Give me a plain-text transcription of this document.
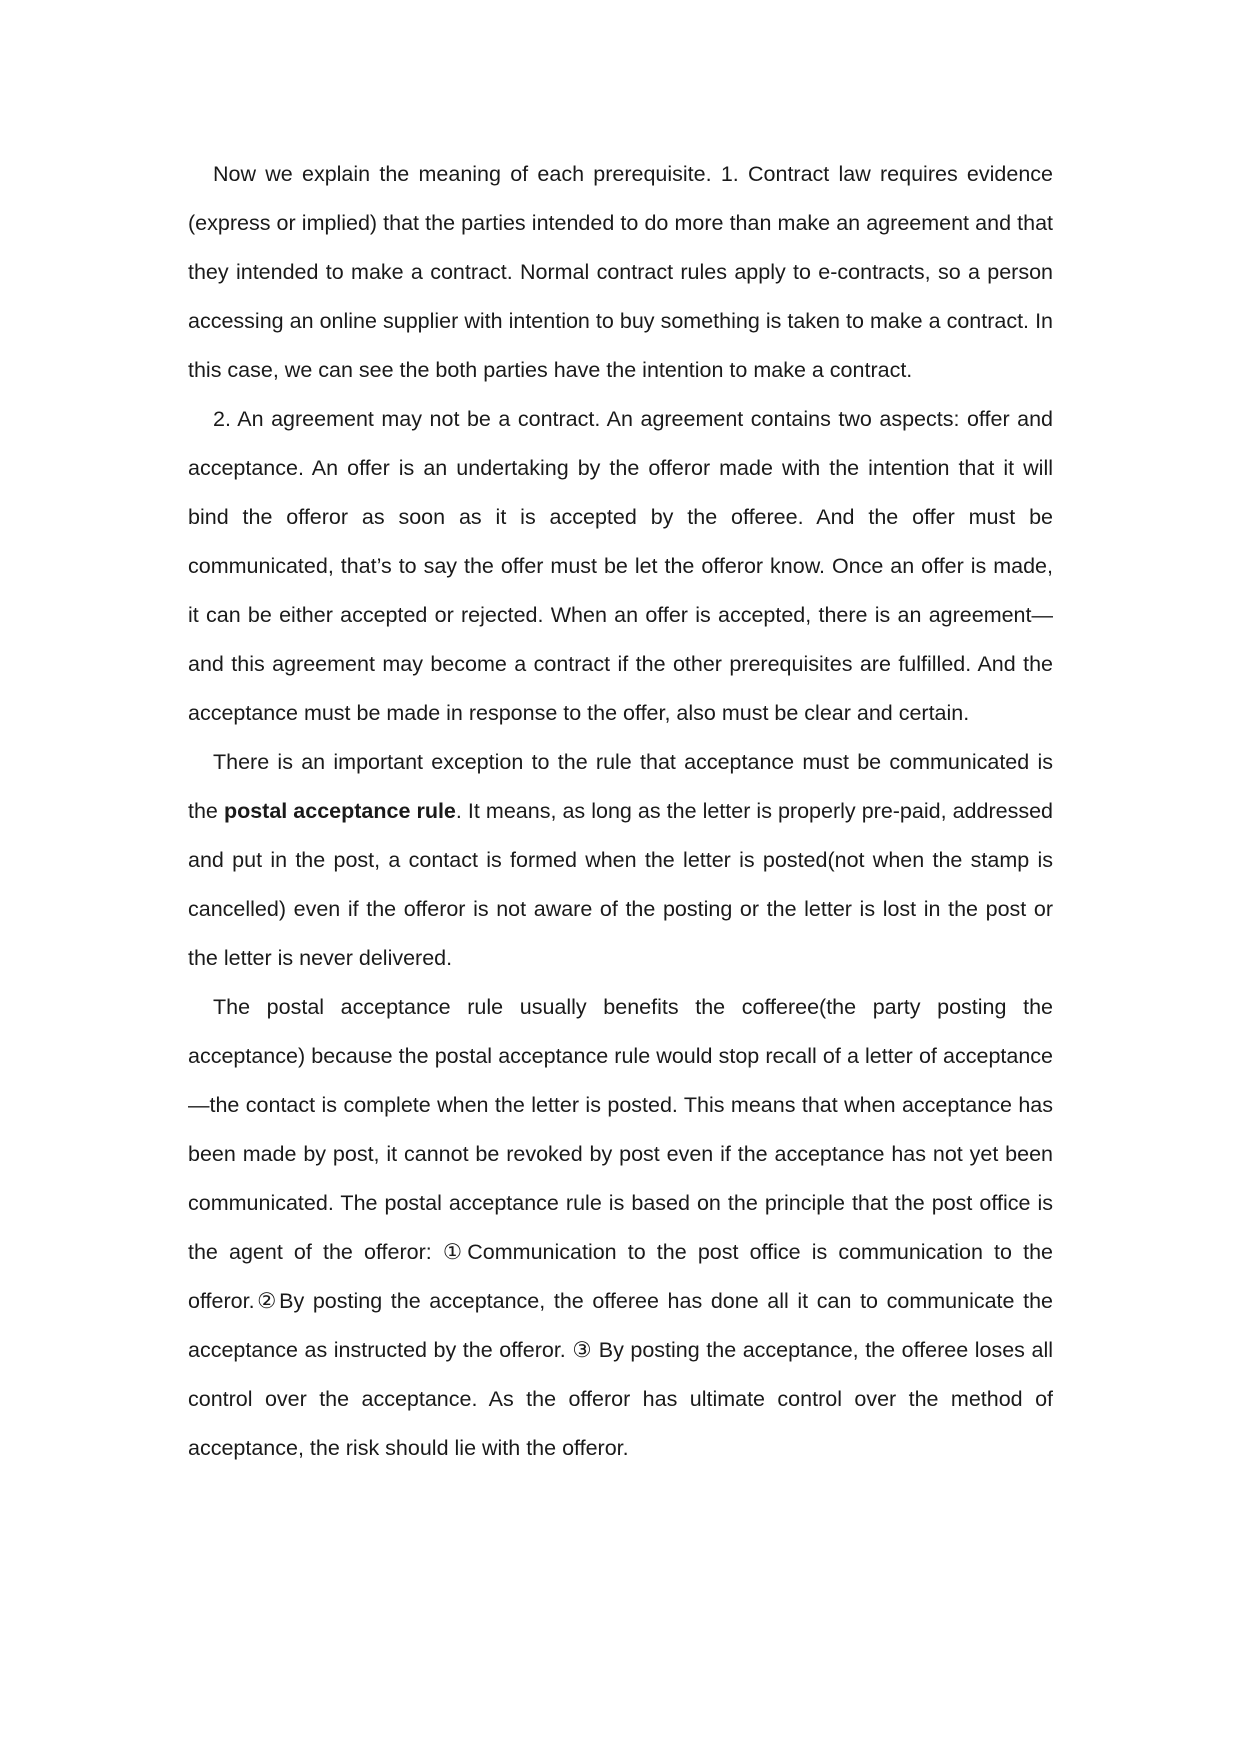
Now we explain the meaning of each prerequisite. 1. Contract law requires evidence (express or implied) that the parties intended to do more than make an agreement and that they intended to make a contract. Normal contract rules apply to e-contracts, so a person accessing an online supplier with intention to buy something is taken to make a contract. In this case, we can see the both parties have the intention to make a contract.

2. An agreement may not be a contract. An agreement contains two aspects: offer and acceptance. An offer is an undertaking by the offeror made with the intention that it will bind the offeror as soon as it is accepted by the offeree. And the offer must be communicated, that’s to say the offer must be let the offeror know. Once an offer is made, it can be either accepted or rejected. When an offer is accepted, there is an agreement—and this agreement may become a contract if the other prerequisites are fulfilled. And the acceptance must be made in response to the offer, also must be clear and certain.

There is an important exception to the rule that acceptance must be communicated is the postal acceptance rule. It means, as long as the letter is properly pre-paid, addressed and put in the post, a contact is formed when the letter is posted(not when the stamp is cancelled) even if the offeror is not aware of the posting or the letter is lost in the post or the letter is never delivered.

The postal acceptance rule usually benefits the cofferee(the party posting the acceptance) because the postal acceptance rule would stop recall of a letter of acceptance—the contact is complete when the letter is posted. This means that when acceptance has been made by post, it cannot be revoked by post even if the acceptance has not yet been communicated. The postal acceptance rule is based on the principle that the post office is the agent of the offeror: ①Communication to the post office is communication to the offeror.②By posting the acceptance, the offeree has done all it can to communicate the acceptance as instructed by the offeror. ③ By posting the acceptance, the offeree loses all control over the acceptance. As the offeror has ultimate control over the method of acceptance, the risk should lie with the offeror.
